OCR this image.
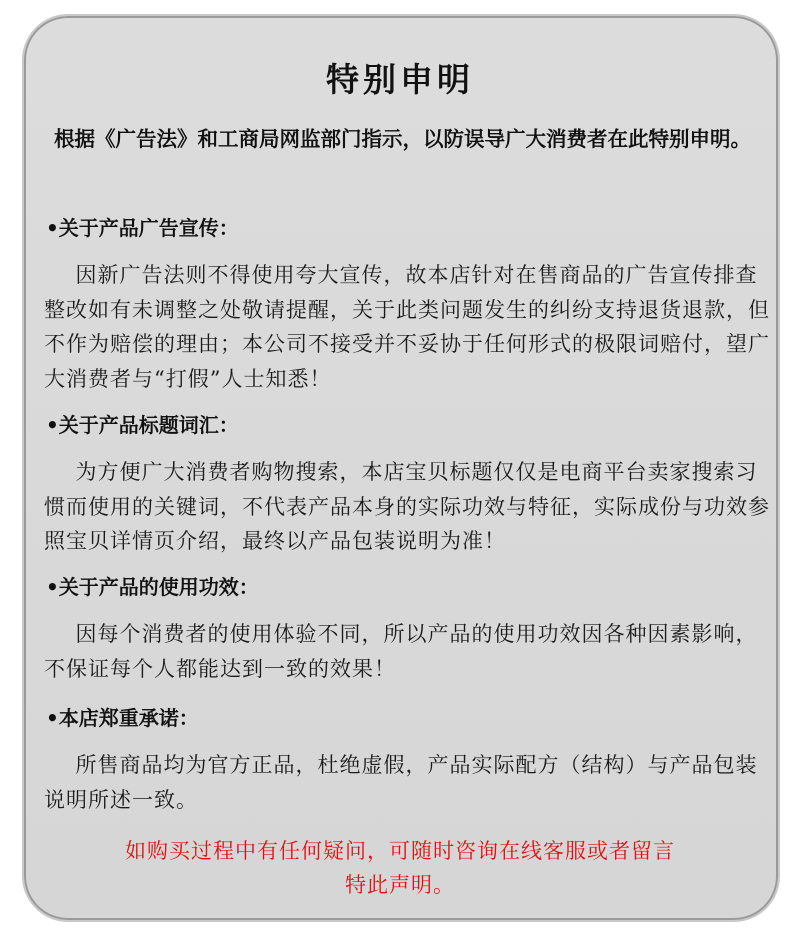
特别申明
根据《广告法》和工商局网监部门指示，以防误导广大消费者在此特别申明。
•关于产品广告宣传：
因新广告法则不得使用夸大宣传，故本店针对在售商品的广告宣传排查整改如有未调整之处敬请提醒，关于此类问题发生的纠纷支持退货退款，但不作为赔偿的理由；本公司不接受并不妥协于任何形式的极限词赔付，望广大消费者与“打假”人士知悉！
•关于产品标题词汇：
为方便广大消费者购物搜索，本店宝贝标题仅仅是电商平台卖家搜索习惯而使用的关键词，不代表产品本身的实际功效与特征，实际成份与功效参照宝贝详情页介绍，最终以产品包装说明为准！
•关于产品的使用功效：
因每个消费者的使用体验不同，所以产品的使用功效因各种因素影响，不保证每个人都能达到一致的效果！
•本店郑重承诺：
所售商品均为官方正品，杜绝虚假，产品实际配方（结构）与产品包装说明所述一致。
如购买过程中有任何疑问，可随时咨询在线客服或者留言
特此声明。
